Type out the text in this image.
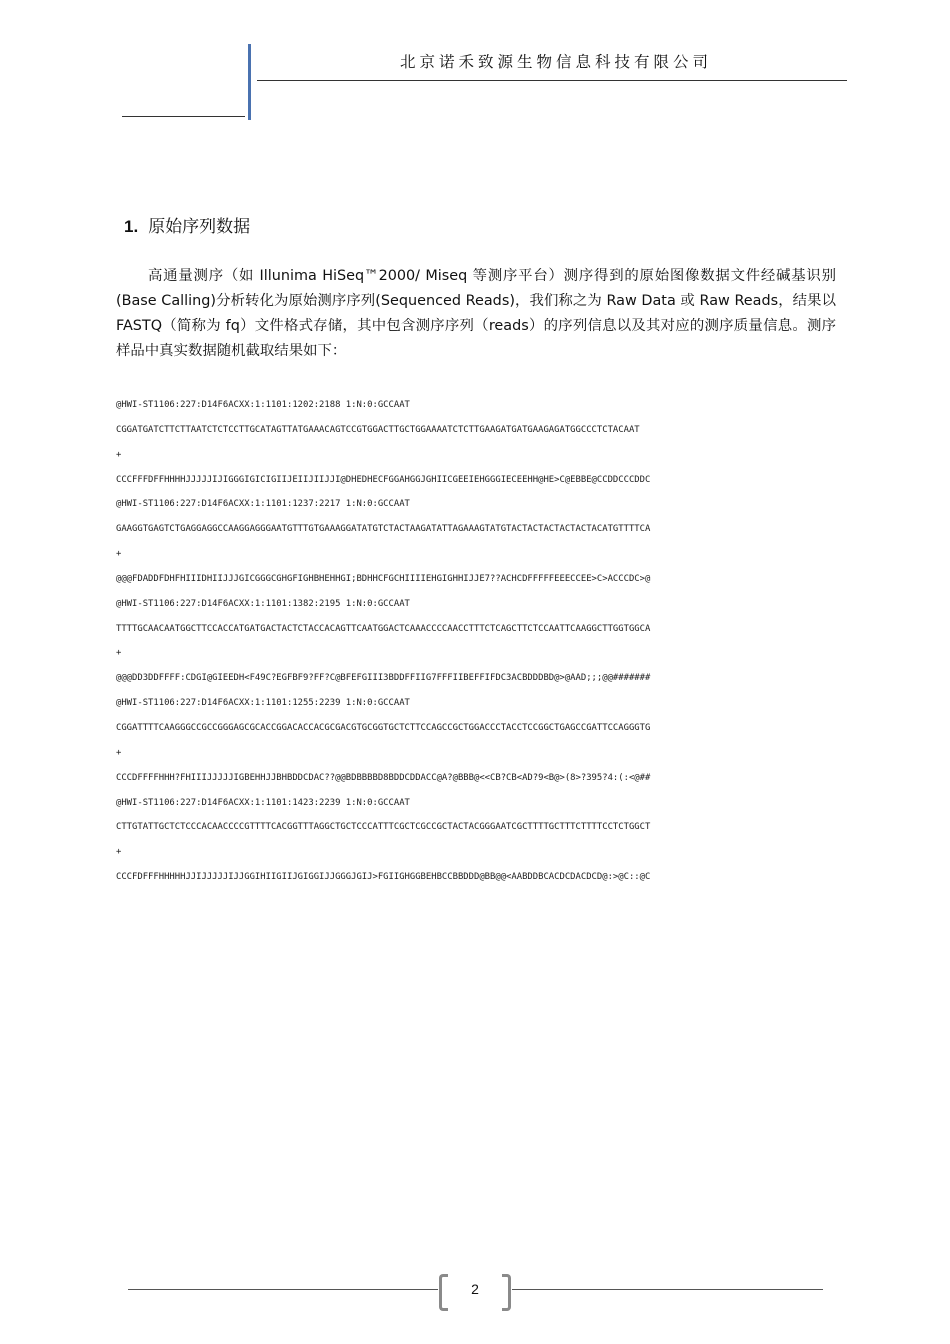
北京诺禾致源生物信息科技有限公司
1. 原始序列数据
高通量测序（如 Illunima HiSeq™2000/ Miseq 等测序平台）测序得到的原始图像数据文件经碱基识别(Base Calling)分析转化为原始测序序列(Sequenced Reads)，我们称之为 Raw Data 或 Raw Reads，结果以 FASTQ（简称为 fq）文件格式存储，其中包含测序序列（reads）的序列信息以及其对应的测序质量信息。测序样品中真实数据随机截取结果如下：
@HWI-ST1106:227:D14F6ACXX:1:1101:1202:2188 1:N:0:GCCAAT
CGGATGATCTTCTTAATCTCTCCTTGCATAGTTATGAAACAGTCCGTGGACTTGCTGGAAAATCTCTTGAAGATGATGAAGAGATGGCCCTCTACAAT
+
CCCFFFDFFHHHHJJJJJIJIGGGIGICIGIIJEIIJIIJJI@DHEDHECFGGAHGGJGHIICGEEIEHGGGIECEEHH@HE>C@EBBE@CCDDCCCDDC
@HWI-ST1106:227:D14F6ACXX:1:1101:1237:2217 1:N:0:GCCAAT
GAAGGTGAGTCTGAGGAGGCCAAGGAGGGAATGTTTGTGAAAGGATATGTCTACTAAGATATTAGAAAGTATGTACTACTACTACTACTACATGTTTTCA
+
@@@FDADDFDHFHIIIDHIIJJJGICGGGCGHGFIGHBHEHHGI;BDHHCFGCHIIIIEHGIGHHIJJE7??ACHCDFFFFFEEECCEE>C>ACCCDC>@
@HWI-ST1106:227:D14F6ACXX:1:1101:1382:2195 1:N:0:GCCAAT
TTTTGCAACAATGGCTTCCACCATGATGACTACTCTACCACAGTTCAATGGACTCAAACCCCAACCTTTCTCAGCTTCTCCAATTCAAGGCTTGGTGGCA
+
@@@DD3DDFFFF:CDGI@GIEEDH<F49C?EGFBF9?FF?C@BFEFGIII3BDDFFIIG7FFFIIBEFFIFDC3ACBDDDBD@>@AAD;;;@@#######
@HWI-ST1106:227:D14F6ACXX:1:1101:1255:2239 1:N:0:GCCAAT
CGGATTTTCAAGGGCCGCCGGGAGCGCACCGGACACCACGCGACGTGCGGTGCTCTTCCAGCCGCTGGACCCTACCTCCGGCTGAGCCGATTCCAGGGTG
+
CCCDFFFFHHH?FHIIIJJJJJIGBEHHJJBHBDDCDAC??@@BDBBBBD8BDDCDDACC@A?@BBB@<<CB?CB<AD?9<B@>(8>?395?4:(:<@##
@HWI-ST1106:227:D14F6ACXX:1:1101:1423:2239 1:N:0:GCCAAT
CTTGTATTGCTCTCCCACAACCCCGTTTTCACGGTTTAGGCTGCTCCCATTTCGCTCGCCGCTACTACGGGAATCGCTTTTGCTTTCTTTTCCTCTGGCT
+
CCCFDFFFHHHHHJJIJJJJJIJJGGIHIIGIIJGIGGIJJGGGJGIJ>FGIIGHGGBEHBCCBBDDD@BB@@<AABDDBCACDCDACDCD@:>@C::@C
2
